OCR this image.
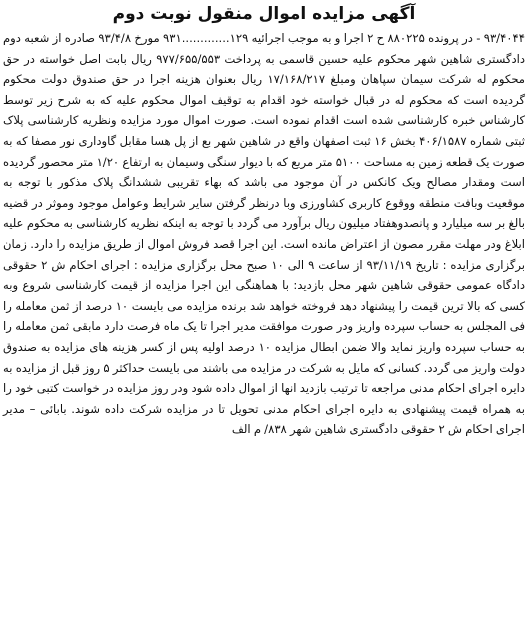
آگهی مزایده اموال منقول نوبت دوم

۹۳/۴۰۴۴ - در پرونده ۸۸۰۲۲۵ ح ۲ اجرا و به موجب اجرائیه ۱۲۹.............۹۳۱ مورخ ۹۳/۴/۸ صادره از شعبه دوم دادگستری شاهین شهر محکوم علیه حسین قاسمی به پرداخت ۹۷۷/۶۵۵/۵۵۳ ریال بابت اصل خواسته در حق محکوم له شرکت سیمان سپاهان ومبلغ ۱۷/۱۶۸/۲۱۷ ریال بعنوان هزینه اجرا در حق صندوق دولت محکوم گردیده است که محکوم له در قبال خواسته خود اقدام به توقیف اموال محکوم علیه که به شرح زیر توسط کارشناس خبره کارشناسی شده است اقدام نموده است. صورت اموال مورد مزایده ونظریه کارشناسی پلاک ثبتی شماره ۴۰۶/۱۵۸۷ بخش ۱۶ ثبت اصفهان واقع در شاهین شهر بع از پل هسا مقابل گاوداری نور مصفا که به صورت یک قطعه زمین به مساحت ۵۱۰۰ متر مربع که با دیوار سنگی وسیمان به ارتفاع ۱/۲۰ متر محصور گردیده است ومقدار مصالح ویک کانکس در آن موجود می باشد که بهاء تقریبی ششدانگ پلاک مذکور با توجه به موقعیت وبافت منطقه ووقوع کاربری کشاورزی وبا درنظر گرفتن سایر شرایط وعوامل موجود وموثر در قضیه بالغ بر سه میلیارد و پانصدوهفتاد میلیون ریال برآورد می گردد با توجه به اینکه نظریه کارشناسی به محکوم علیه ابلاغ ودر مهلت مقرر مصون از اعتراض مانده است. این اجرا قصد فروش اموال از طریق مزایده را دارد. زمان برگزاری مزایده : تاریخ ۹۳/۱۱/۱۹ از ساعت ۹ الی ۱۰ صبح محل برگزاری مزایده : اجرای احکام ش ۲ حقوقی دادگاه عمومی حقوقی شاهین شهر محل بازدید: با هماهنگی این اجرا مزایده از قیمت کارشناسی شروع وبه کسی که بالا ترین قیمت را پیشنهاد دهد فروخته خواهد شد برنده مزایده می بایست ۱۰ درصد از ثمن معامله را فی المجلس به حساب سپرده واریز ودر صورت موافقت مدیر اجرا تا یک ماه فرصت دارد مابقی ثمن معامله را به حساب سپرده واریز نماید والا ضمن ابطال مزایده ۱۰ درصد اولیه پس از کسر هزینه های مزایده به صندوق دولت واریز می گردد. کسانی که مایل به شرکت در مزایده می باشند می بایست حداکثر ۵ روز قبل از مزایده به دایره اجرای احکام مدنی مراجعه تا ترتیب بازدید انها از اموال داده شود ودر روز مزایده در خواست کتبی خود را به همراه قیمت پیشنهادی به دایره اجرای احکام مدنی تحویل تا در مزایده شرکت داده شوند. بابائی – مدیر اجرای احکام ش ۲ حقوقی دادگستری شاهین شهر ۸۳۸/ م الف
